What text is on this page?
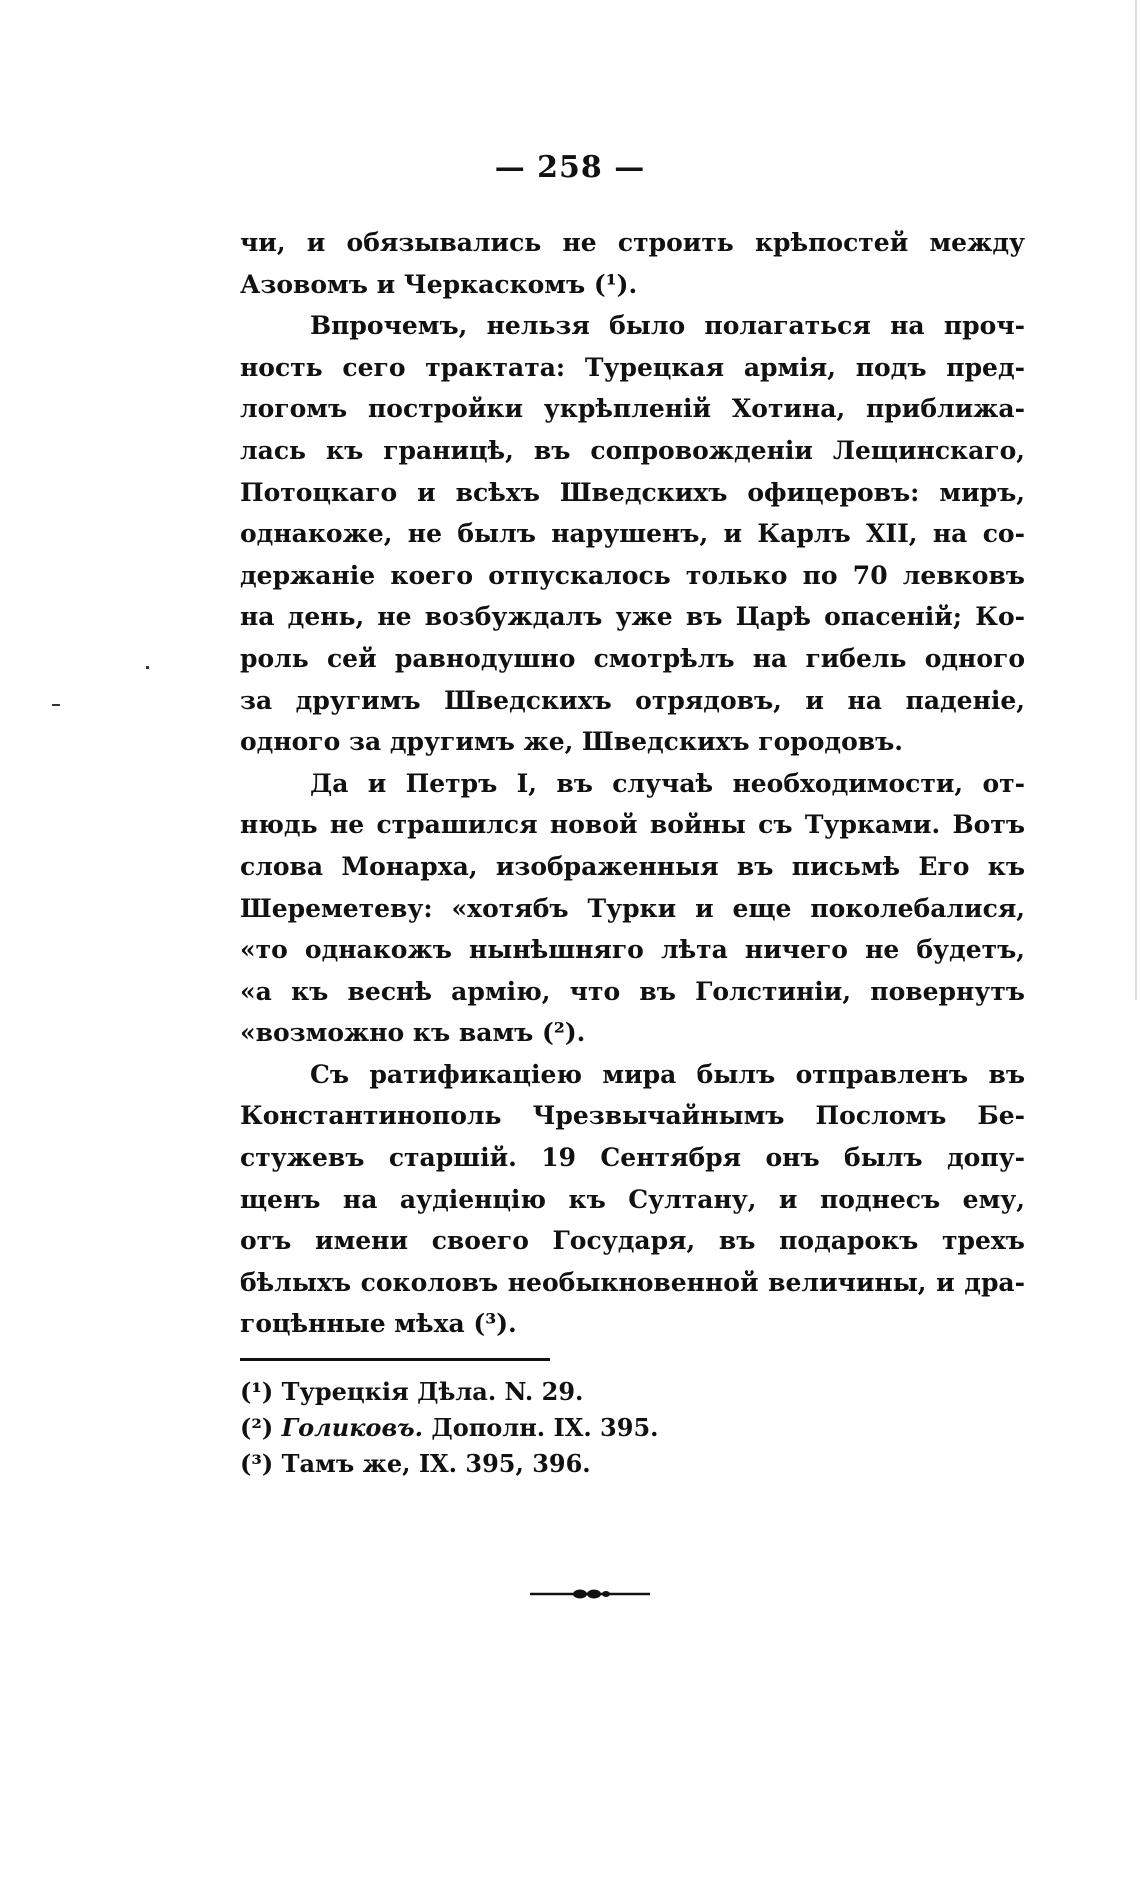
— 258 —
чи, и обязывались не строить крѣпостей между
Азовомъ и Черкаскомъ (¹).
Впрочемъ, нельзя было полагаться на проч-
ность сего трактата: Турецкая армія, подъ пред-
логомъ постройки укрѣпленій Хотина, приближа-
лась къ границѣ, въ сопровожденіи Лещинскаго,
Потоцкаго и всѣхъ Шведскихъ офицеровъ: миръ,
однакоже, не былъ нарушенъ, и Карлъ XII, на со-
держаніе коего отпускалось только по 70 левковъ
на день, не возбуждалъ уже въ Царѣ опасеній; Ко-
роль сей равнодушно смотрѣлъ на гибель одного
за другимъ Шведскихъ отрядовъ, и на паденіе,
одного за другимъ же, Шведскихъ городовъ.
Да и Петръ I, въ случаѣ необходимости, от-
нюдь не страшился новой войны съ Турками. Вотъ
слова Монарха, изображенныя въ письмѣ Его къ
Шереметеву: «хотябъ Турки и еще поколебалися,
«то однакожъ нынѣшняго лѣта ничего не будетъ,
«а къ веснѣ армію, что въ Голстиніи, повернутъ
«возможно къ вамъ (²).
Съ ратификаціею мира былъ отправленъ въ
Константинополь Чрезвычайнымъ Посломъ Бе-
стужевъ старшій. 19 Сентября онъ былъ допу-
щенъ на аудіенцію къ Султану, и поднесъ ему,
отъ имени своего Государя, въ подарокъ трехъ
бѣлыхъ соколовъ необыкновенной величины, и дра-
гоцѣнные мѣха (³).
(¹) Турецкія Дѣла. N. 29.
(²) Голиковъ. Дополн. IX. 395.
(³) Тамъ же, IX. 395, 396.
